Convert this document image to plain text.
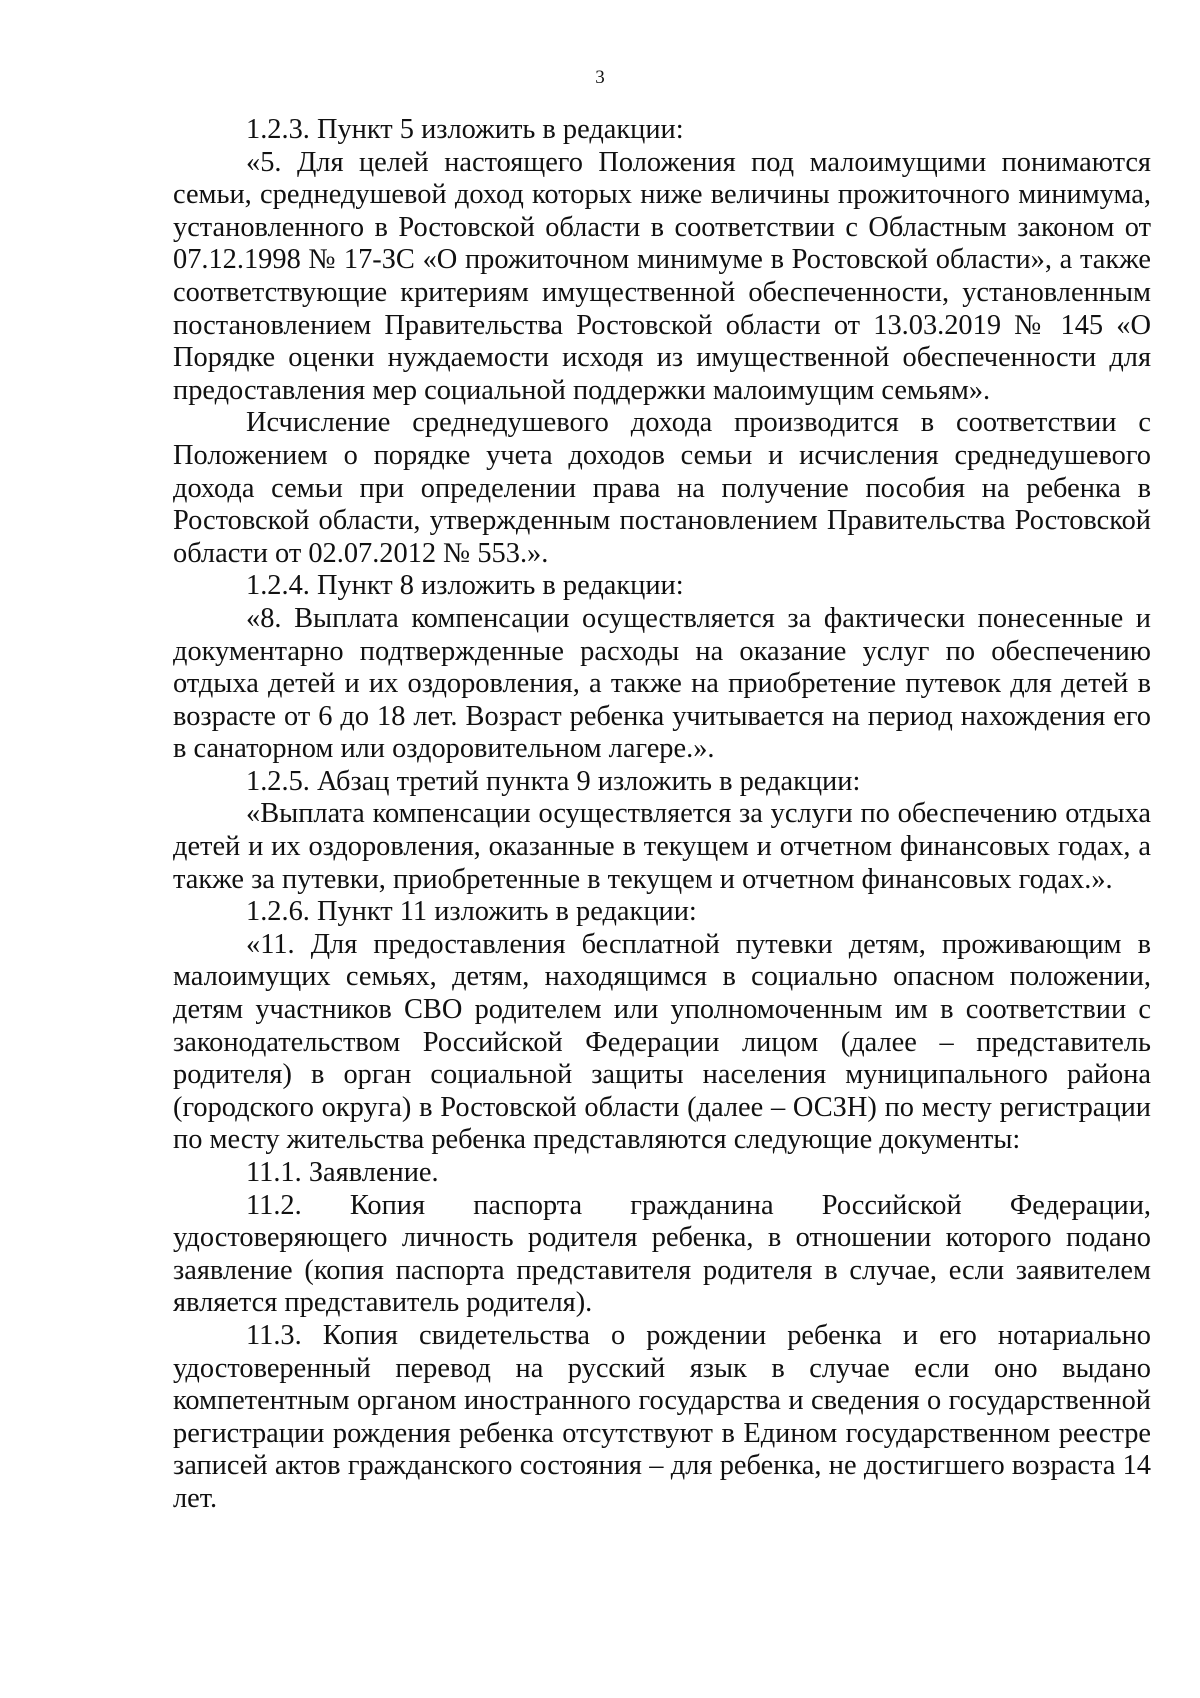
3

1.2.3. Пункт 5 изложить в редакции:

«5. Для целей настоящего Положения под малоимущими понимаются семьи, среднедушевой доход которых ниже величины прожиточного минимума, установленного в Ростовской области в соответствии с Областным законом от 07.12.1998 № 17-ЗС «О прожиточном минимуме в Ростовской области», а также соответствующие критериям имущественной обеспеченности, установленным постановлением Правительства Ростовской области от 13.03.2019 № 145 «О Порядке оценки нуждаемости исходя из имущественной обеспеченности для предоставления мер социальной поддержки малоимущим семьям».

Исчисление среднедушевого дохода производится в соответствии с Положением о порядке учета доходов семьи и исчисления среднедушевого дохода семьи при определении права на получение пособия на ребенка в Ростовской области, утвержденным постановлением Правительства Ростовской области от 02.07.2012 № 553.».

1.2.4. Пункт 8 изложить в редакции:

«8. Выплата компенсации осуществляется за фактически понесенные и документарно подтвержденные расходы на оказание услуг по обеспечению отдыха детей и их оздоровления, а также на приобретение путевок для детей в возрасте от 6 до 18 лет. Возраст ребенка учитывается на период нахождения его в санаторном или оздоровительном лагере.».

1.2.5. Абзац третий пункта 9 изложить в редакции:

«Выплата компенсации осуществляется за услуги по обеспечению отдыха детей и их оздоровления, оказанные в текущем и отчетном финансовых годах, а также за путевки, приобретенные в текущем и отчетном финансовых годах.».

1.2.6. Пункт 11 изложить в редакции:

«11. Для предоставления бесплатной путевки детям, проживающим в малоимущих семьях, детям, находящимся в социально опасном положении, детям участников СВО родителем или уполномоченным им в соответствии с законодательством Российской Федерации лицом (далее – представитель родителя) в орган социальной защиты населения муниципального района (городского округа) в Ростовской области (далее – ОСЗН) по месту регистрации по месту жительства ребенка представляются следующие документы:

11.1. Заявление.

11.2. Копия паспорта гражданина Российской Федерации, удостоверяющего личность родителя ребенка, в отношении которого подано заявление (копия паспорта представителя родителя в случае, если заявителем является представитель родителя).

11.3. Копия свидетельства о рождении ребенка и его нотариально удостоверенный перевод на русский язык в случае если оно выдано компетентным органом иностранного государства и сведения о государственной регистрации рождения ребенка отсутствуют в Едином государственном реестре записей актов гражданского состояния – для ребенка, не достигшего возраста 14 лет.
